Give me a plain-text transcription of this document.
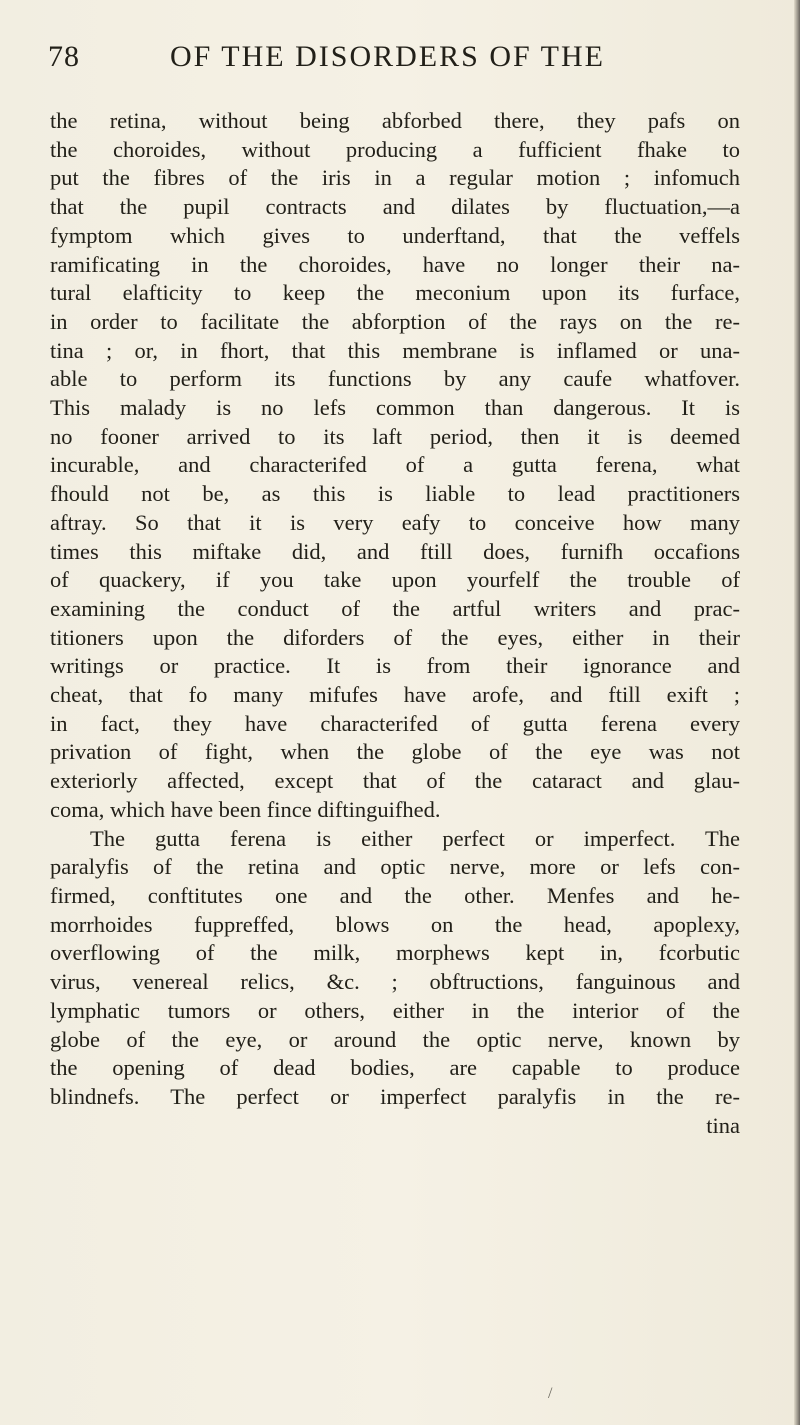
78	OF THE DISORDERS OF THE
the retina, without being abforbed there, they pafs on
the choroides, without producing a fufficient fhake to
put the fibres of the iris in a regular motion ; infomuch
that the pupil contracts and dilates by fluctuation,—a
fymptom which gives to underftand, that the veffels
ramificating in the choroides, have no longer their na-
tural elafticity to keep the meconium upon its furface,
in order to facilitate the abforption of the rays on the re-
tina ; or, in fhort, that this membrane is inflamed or una-
able to perform its functions by any caufe whatfover.
This malady is no lefs common than dangerous. It is
no fooner arrived to its laft period, then it is deemed
incurable, and characterifed of a gutta ferena, what
fhould not be, as this is liable to lead practitioners
aftray. So that it is very eafy to conceive how many
times this miftake did, and ftill does, furnifh occafions
of quackery, if you take upon yourfelf the trouble of
examining the conduct of the artful writers and prac-
titioners upon the diforders of the eyes, either in their
writings or practice. It is from their ignorance and
cheat, that fo many mifufes have arofe, and ftill exift ;
in fact, they have characterifed of gutta ferena every
privation of fight, when the globe of the eye was not
exteriorly affected, except that of the cataract and glau-
coma, which have been fince diftinguifhed.
The gutta ferena is either perfect or imperfect. The
paralyfis of the retina and optic nerve, more or lefs con-
firmed, conftitutes one and the other. Menfes and he-
morrhoides fuppreffed, blows on the head, apoplexy,
overflowing of the milk, morphews kept in, fcorbutic
virus, venereal relics, &c. ; obftructions, fanguinous and
lymphatic tumors or others, either in the interior of the
globe of the eye, or around the optic nerve, known by
the opening of dead bodies, are capable to produce
blindnefs. The perfect or imperfect paralyfis in the re-
tina
/
